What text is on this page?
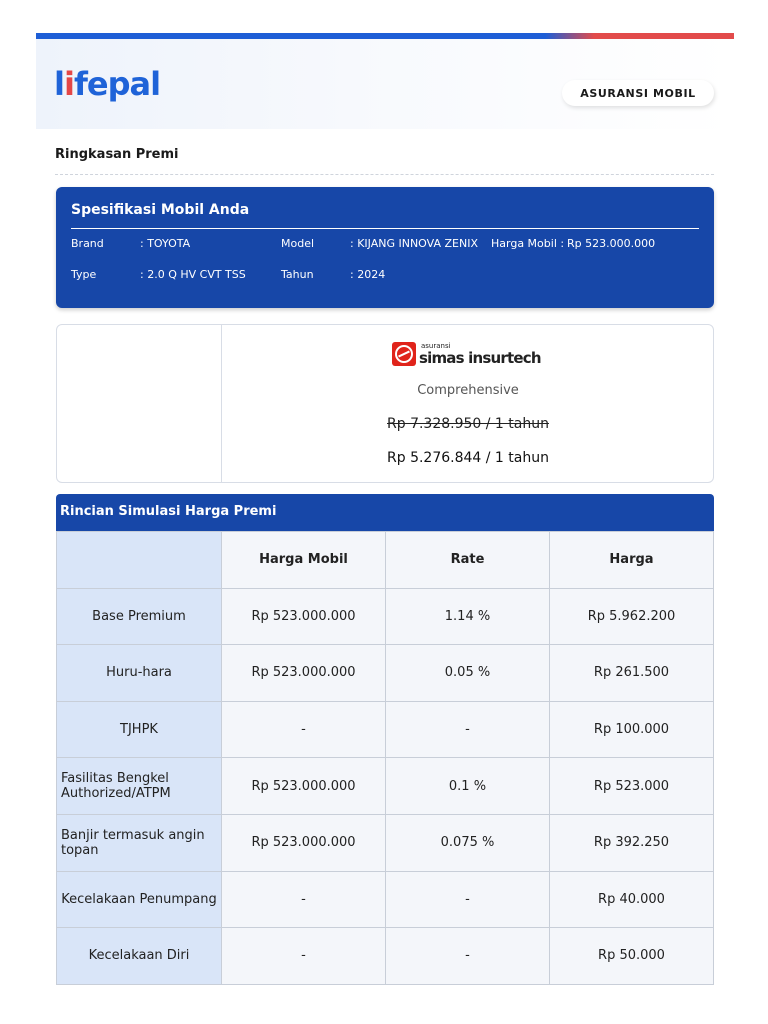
lifepal	ASURANSI MOBIL
Ringkasan Premi
Spesifikasi Mobil Anda
Brand	: TOYOTA	Model	: KIJANG INNOVA ZENIX Harga Mobil : Rp 523.000.000
Type	: 2.0 Q HV CVT TSS	Tahun	: 2024
asuransi
simas insurtech
Comprehensive
Rp 7.328.950 / 1 tahun
Rp 5.276.844 / 1 tahun
Rincian Simulasi Harga Premi
	Harga Mobil	Rate	Harga
Base Premium	Rp 523.000.000	1.14 %	Rp 5.962.200
Huru-hara	Rp 523.000.000	0.05 %	Rp 261.500
TJHPK	-	-	Rp 100.000
Fasilitas Bengkel Authorized/ATPM	Rp 523.000.000	0.1 %	Rp 523.000
Banjir termasuk angin topan	Rp 523.000.000	0.075 %	Rp 392.250
Kecelakaan Penumpang	-	-	Rp 40.000
Kecelakaan Diri	-	-	Rp 50.000
